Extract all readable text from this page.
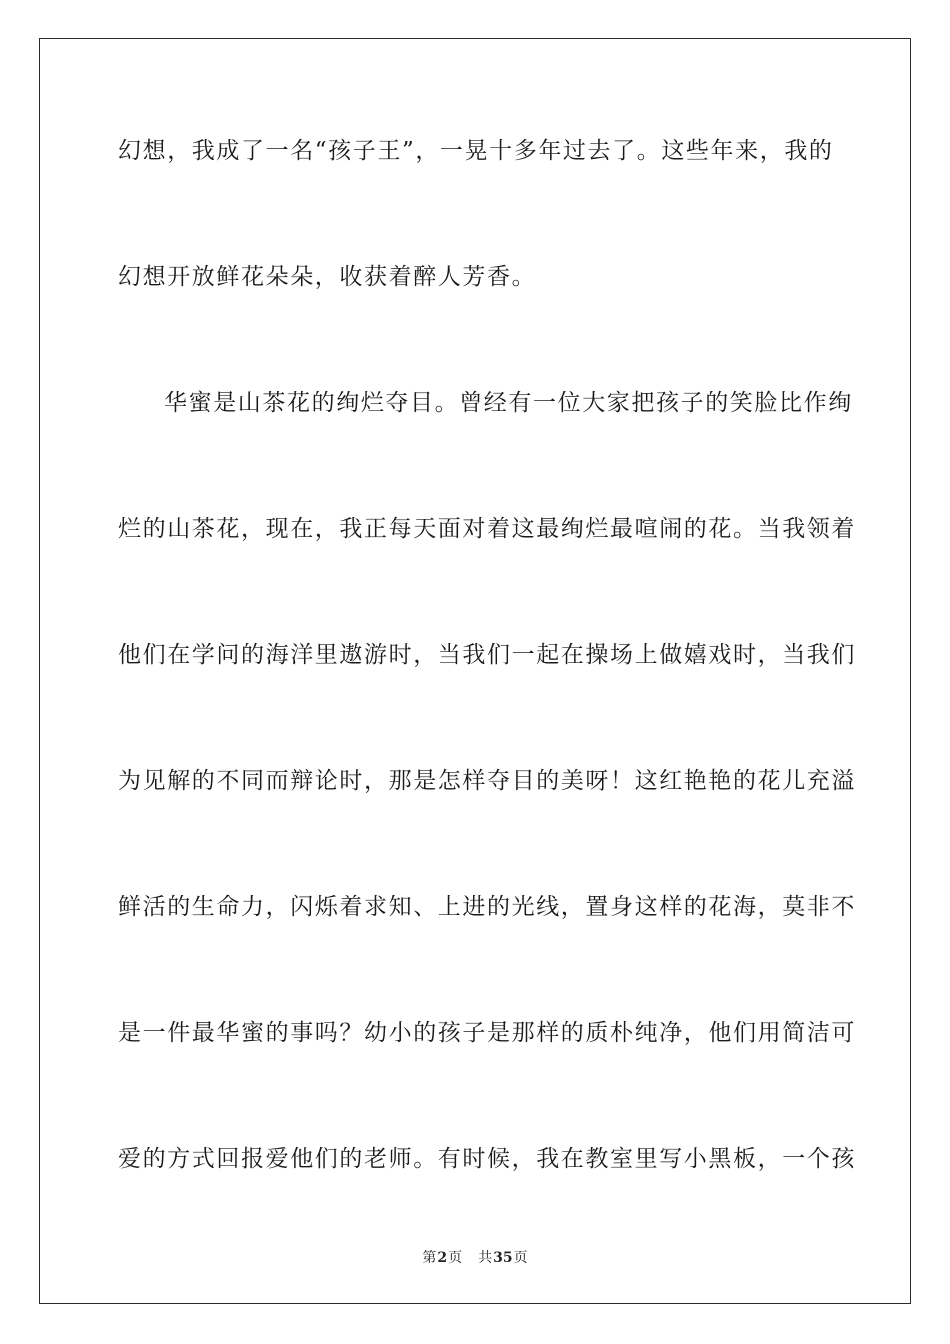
幻想，我成了一名“孩子王”，一晃十多年过去了。这些年来，我的
幻想开放鲜花朵朵，收获着醉人芳香。
华蜜是山茶花的绚烂夺目。曾经有一位大家把孩子的笑脸比作绚
烂的山茶花，现在，我正每天面对着这最绚烂最喧闹的花。当我领着
他们在学问的海洋里遨游时，当我们一起在操场上做嬉戏时，当我们
为见解的不同而辩论时，那是怎样夺目的美呀！这红艳艳的花儿充溢
鲜活的生命力，闪烁着求知、上进的光线，置身这样的花海，莫非不
是一件最华蜜的事吗？幼小的孩子是那样的质朴纯净，他们用简洁可
爱的方式回报爱他们的老师。有时候，我在教室里写小黑板，一个孩
第2页 共35页
